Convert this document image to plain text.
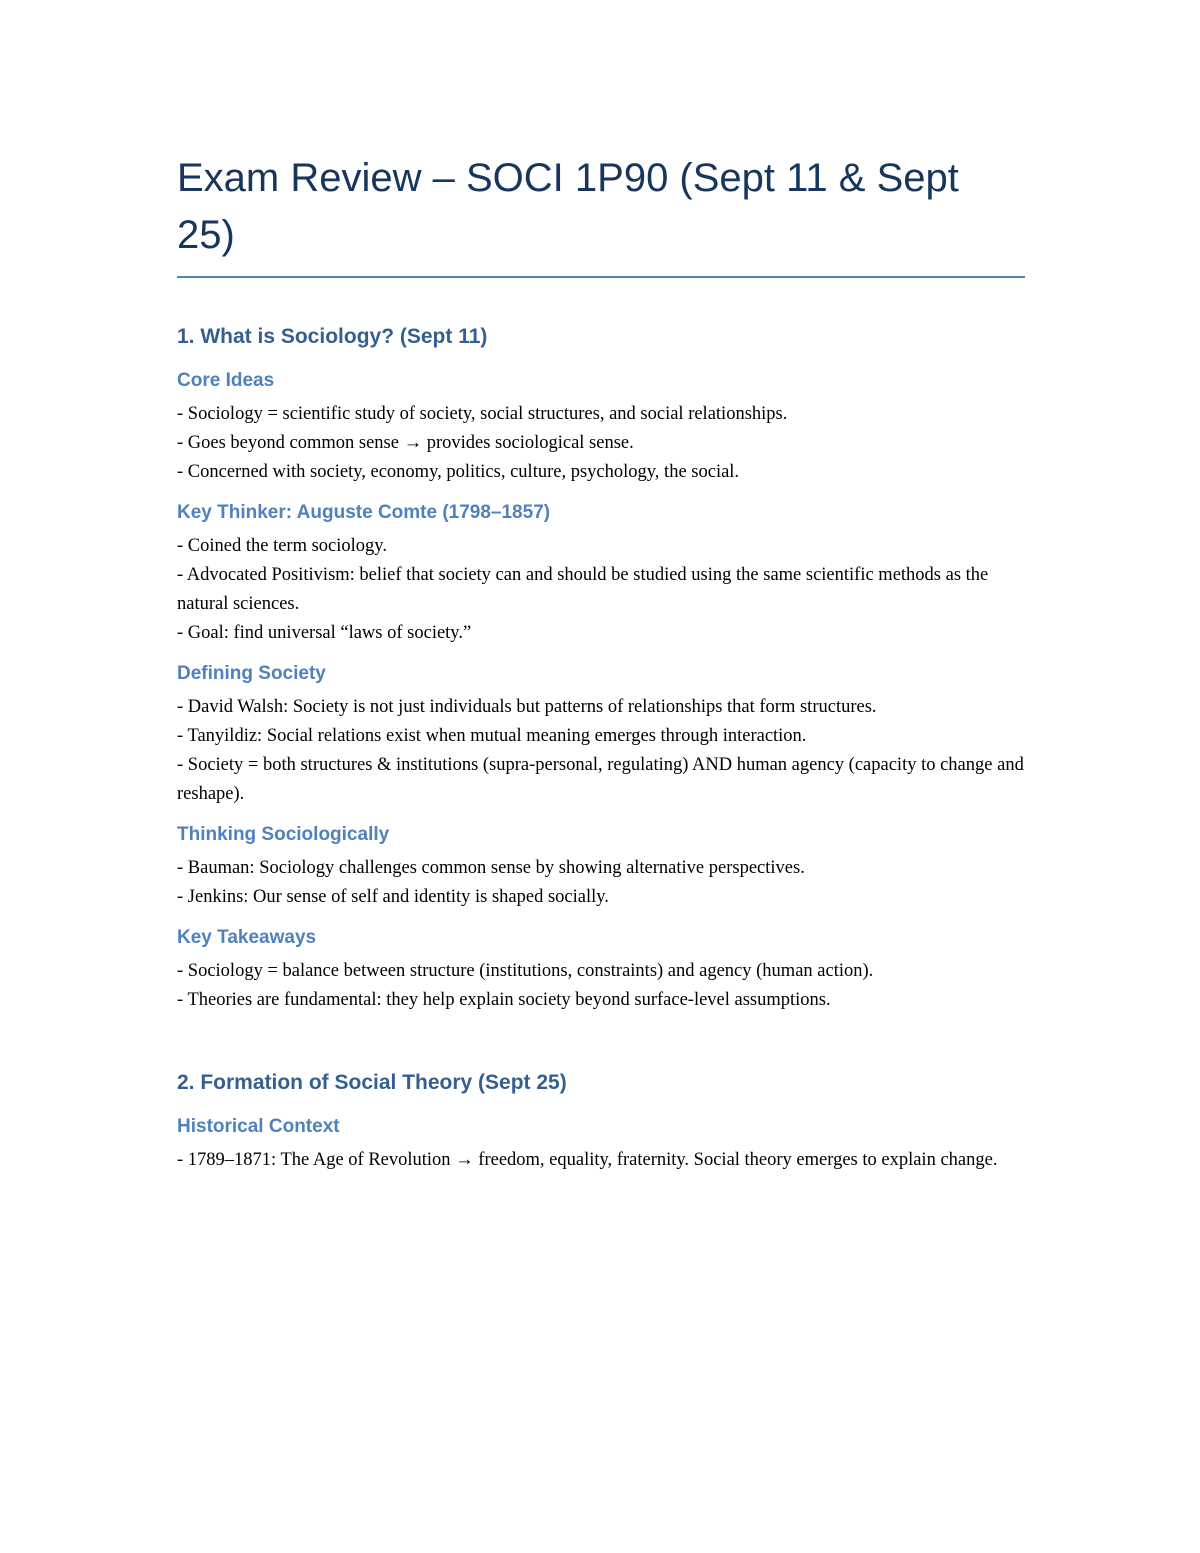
Exam Review – SOCI 1P90 (Sept 11 & Sept 25)
1. What is Sociology? (Sept 11)
Core Ideas
- Sociology = scientific study of society, social structures, and social relationships.
- Goes beyond common sense → provides sociological sense.
- Concerned with society, economy, politics, culture, psychology, the social.
Key Thinker: Auguste Comte (1798–1857)
- Coined the term sociology.
- Advocated Positivism: belief that society can and should be studied using the same scientific methods as the natural sciences.
- Goal: find universal “laws of society.”
Defining Society
- David Walsh: Society is not just individuals but patterns of relationships that form structures.
- Tanyildiz: Social relations exist when mutual meaning emerges through interaction.
- Society = both structures & institutions (supra-personal, regulating) AND human agency (capacity to change and reshape).
Thinking Sociologically
- Bauman: Sociology challenges common sense by showing alternative perspectives.
- Jenkins: Our sense of self and identity is shaped socially.
Key Takeaways
- Sociology = balance between structure (institutions, constraints) and agency (human action).
- Theories are fundamental: they help explain society beyond surface-level assumptions.
2. Formation of Social Theory (Sept 25)
Historical Context
- 1789–1871: The Age of Revolution → freedom, equality, fraternity. Social theory emerges to explain change.
